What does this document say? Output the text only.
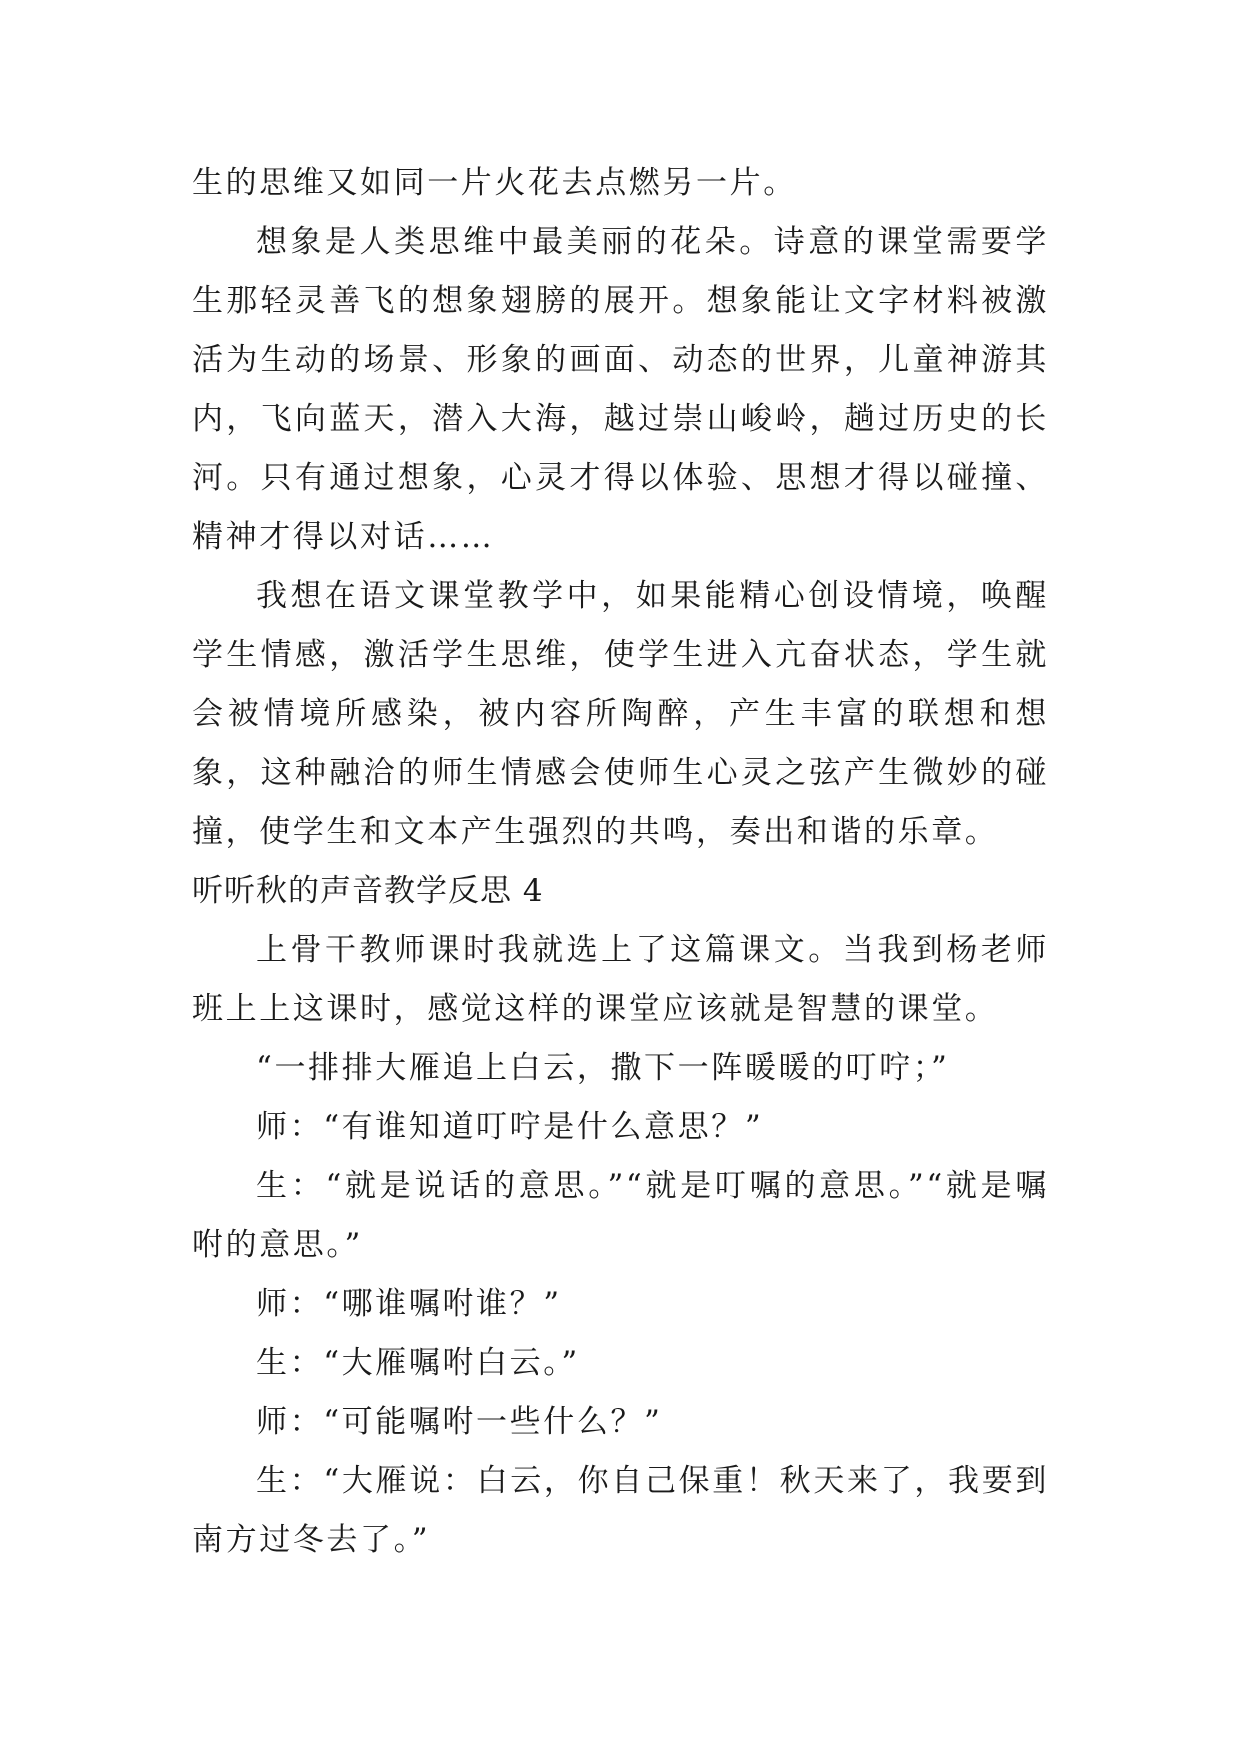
生的思维又如同一片火花去点燃另一片。

想象是人类思维中最美丽的花朵。诗意的课堂需要学生那轻灵善飞的想象翅膀的展开。想象能让文字材料被激活为生动的场景、形象的画面、动态的世界，儿童神游其内，飞向蓝天，潜入大海，越过崇山峻岭，趟过历史的长河。只有通过想象，心灵才得以体验、思想才得以碰撞、精神才得以对话……

我想在语文课堂教学中，如果能精心创设情境，唤醒学生情感，激活学生思维，使学生进入亢奋状态，学生就会被情境所感染，被内容所陶醉，产生丰富的联想和想象，这种融洽的师生情感会使师生心灵之弦产生微妙的碰撞，使学生和文本产生强烈的共鸣，奏出和谐的乐章。

听听秋的声音教学反思 4

上骨干教师课时我就选上了这篇课文。当我到杨老师班上上这课时，感觉这样的课堂应该就是智慧的课堂。

“一排排大雁追上白云，撒下一阵暖暖的叮咛；”

师：“有谁知道叮咛是什么意思？”

生：“就是说话的意思。”“就是叮嘱的意思。”“就是嘱咐的意思。”

师：“哪谁嘱咐谁？”

生：“大雁嘱咐白云。”

师：“可能嘱咐一些什么？”

生：“大雁说：白云，你自己保重！秋天来了，我要到南方过冬去了。”
